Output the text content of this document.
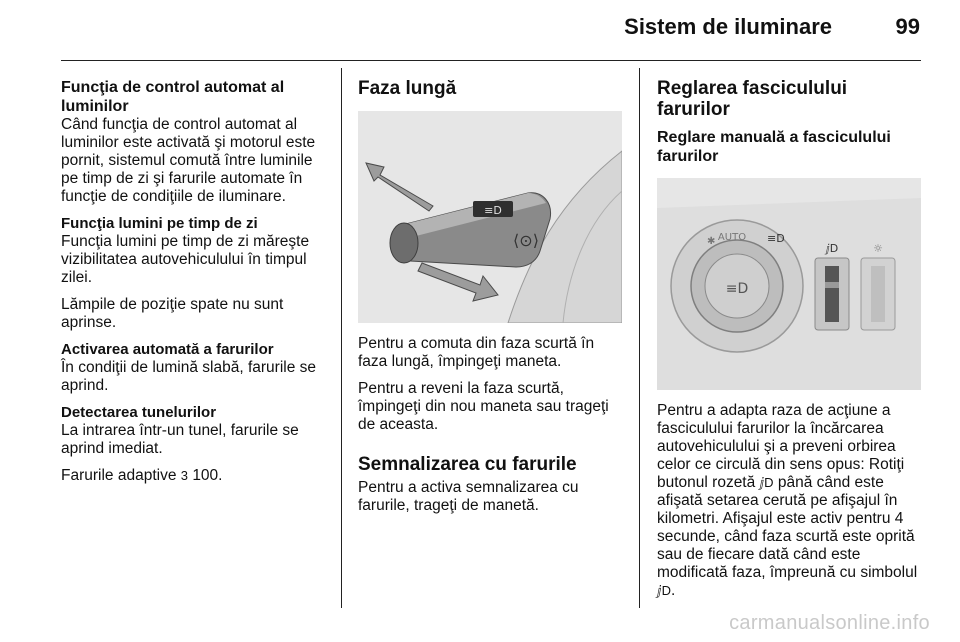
Sistem de iluminare	99
Funcţia de control automat al luminilor

Când funcţia de control automat al luminilor este activată şi motorul este pornit, sistemul comută între luminile pe timp de zi şi farurile automate în funcţie de condiţiile de iluminare.

Funcţia lumini pe timp de zi

Funcţia lumini pe timp de zi măreşte vizibilitatea autovehiculului în timpul zilei.

Lămpile de poziţie spate nu sunt aprinse.

Activarea automată a farurilor

În condiţii de lumină slabă, farurile se aprind.

Detectarea tunelurilor

La intrarea într-un tunel, farurile se aprind imediat.

Farurile adaptive 3 100.

Faza lungă
≡D
⟨⊙⟩

Pentru a comuta din faza scurtă în faza lungă, împingeţi maneta.

Pentru a reveni la faza scurtă, împingeţi din nou maneta sau trageţi de aceasta.

Semnalizarea cu farurile

Pentru a activa semnalizarea cu farurile, trageţi de manetă.

Reglarea fasciculului farurilor
Reglare manuală a fasciculului farurilor
≡D
AUTO ≡D
✱
ⅉD	☼

Pentru a adapta raza de acţiune a fasciculului farurilor la încărcarea autovehiculului şi a preveni orbirea celor ce circulă din sens opus: Rotiţi butonul rozetă ⅉD până când este afişată setarea cerută pe afişajul în kilometri. Afişajul este activ pentru 4 secunde, când faza scurtă este oprită sau de fiecare dată când este modificată faza, împreună cu simbolul ⅉD.

carmanualsonline.info
